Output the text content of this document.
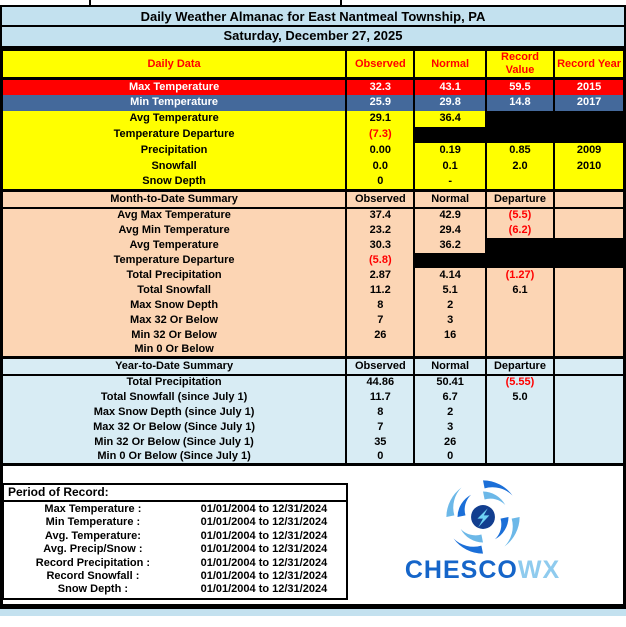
Daily Weather Almanac for East Nantmeal Township, PA
Saturday, December 27, 2025
Daily Data	Observed	Normal	Record Value	Record Year
Max Temperature	32.3	43.1	59.5	2015
Min Temperature	25.9	29.8	14.8	2017
Avg Temperature	29.1	36.4		
Temperature Departure	(7.3)			
Precipitation	0.00	0.19	0.85	2009
Snowfall	0.0	0.1	2.0	2010
Snow Depth	0	-		
Month-to-Date Summary	Observed	Normal	Departure	
Avg Max Temperature	37.4	42.9	(5.5)	
Avg Min Temperature	23.2	29.4	(6.2)	
Avg Temperature	30.3	36.2		
Temperature Departure	(5.8)			
Total Precipitation	2.87	4.14	(1.27)	
Total Snowfall	11.2	5.1	6.1	
Max Snow Depth	8	2		
Max 32 Or Below	7	3		
Min 32 Or Below	26	16		
Min 0 Or Below				
Year-to-Date Summary	Observed	Normal	Departure	
Total Precipitation	44.86	50.41	(5.55)	
Total Snowfall (since July 1)	11.7	6.7	5.0	
Max Snow Depth (since July 1)	8	2		
Max 32 Or Below (Since July 1)	7	3		
Min 32 Or Below (Since July 1)	35	26		
Min 0 Or Below (Since July 1)	0	0		
Period of Record:
Max Temperature :	01/01/2004 to 12/31/2024
Min Temperature :	01/01/2004 to 12/31/2024
Avg. Temperature:	01/01/2004 to 12/31/2024
Avg. Precip/Snow :	01/01/2004 to 12/31/2024
Record Precipitation :	01/01/2004 to 12/31/2024
Record Snowfall :	01/01/2004 to 12/31/2024
Snow Depth :	01/01/2004 to 12/31/2024
CHESCOWX
